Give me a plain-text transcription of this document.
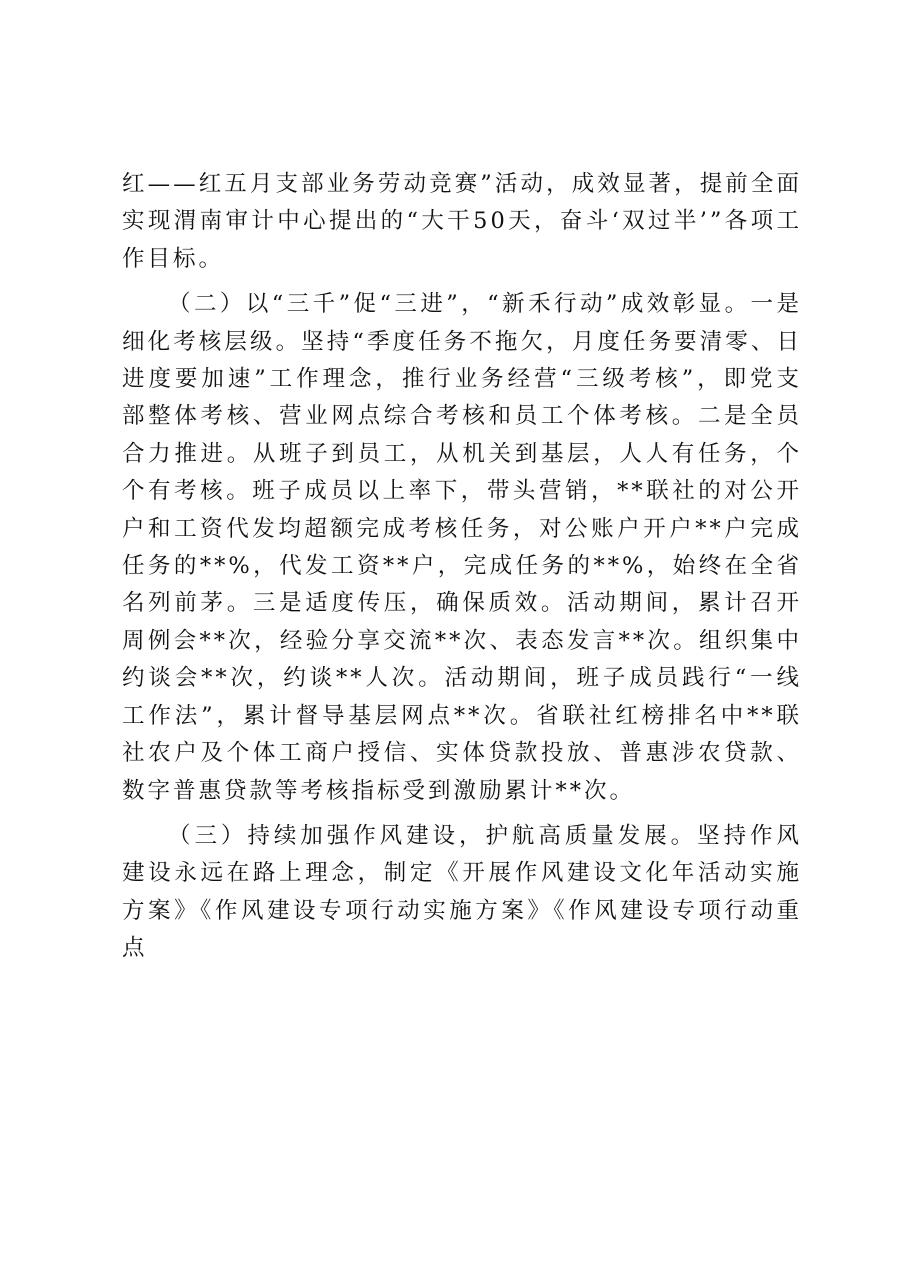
红——红五月支部业务劳动竞赛”活动，成效显著，提前全面实现渭南审计中心提出的“大干50天，奋斗‘双过半’”各项工作目标。

（二）以“三千”促“三进”，“新禾行动”成效彰显。一是细化考核层级。坚持“季度任务不拖欠，月度任务要清零、日进度要加速”工作理念，推行业务经营“三级考核”，即党支部整体考核、营业网点综合考核和员工个体考核。二是全员合力推进。从班子到员工，从机关到基层，人人有任务，个个有考核。班子成员以上率下，带头营销，**联社的对公开户和工资代发均超额完成考核任务，对公账户开户**户完成任务的**%，代发工资**户，完成任务的**%，始终在全省名列前茅。三是适度传压，确保质效。活动期间，累计召开周例会**次，经验分享交流**次、表态发言**次。组织集中约谈会**次，约谈**人次。活动期间，班子成员践行“一线工作法”，累计督导基层网点**次。省联社红榜排名中**联社农户及个体工商户授信、实体贷款投放、普惠涉农贷款、数字普惠贷款等考核指标受到激励累计**次。

（三）持续加强作风建设，护航高质量发展。坚持作风建设永远在路上理念，制定《开展作风建设文化年活动实施方案》《作风建设专项行动实施方案》《作风建设专项行动重点
